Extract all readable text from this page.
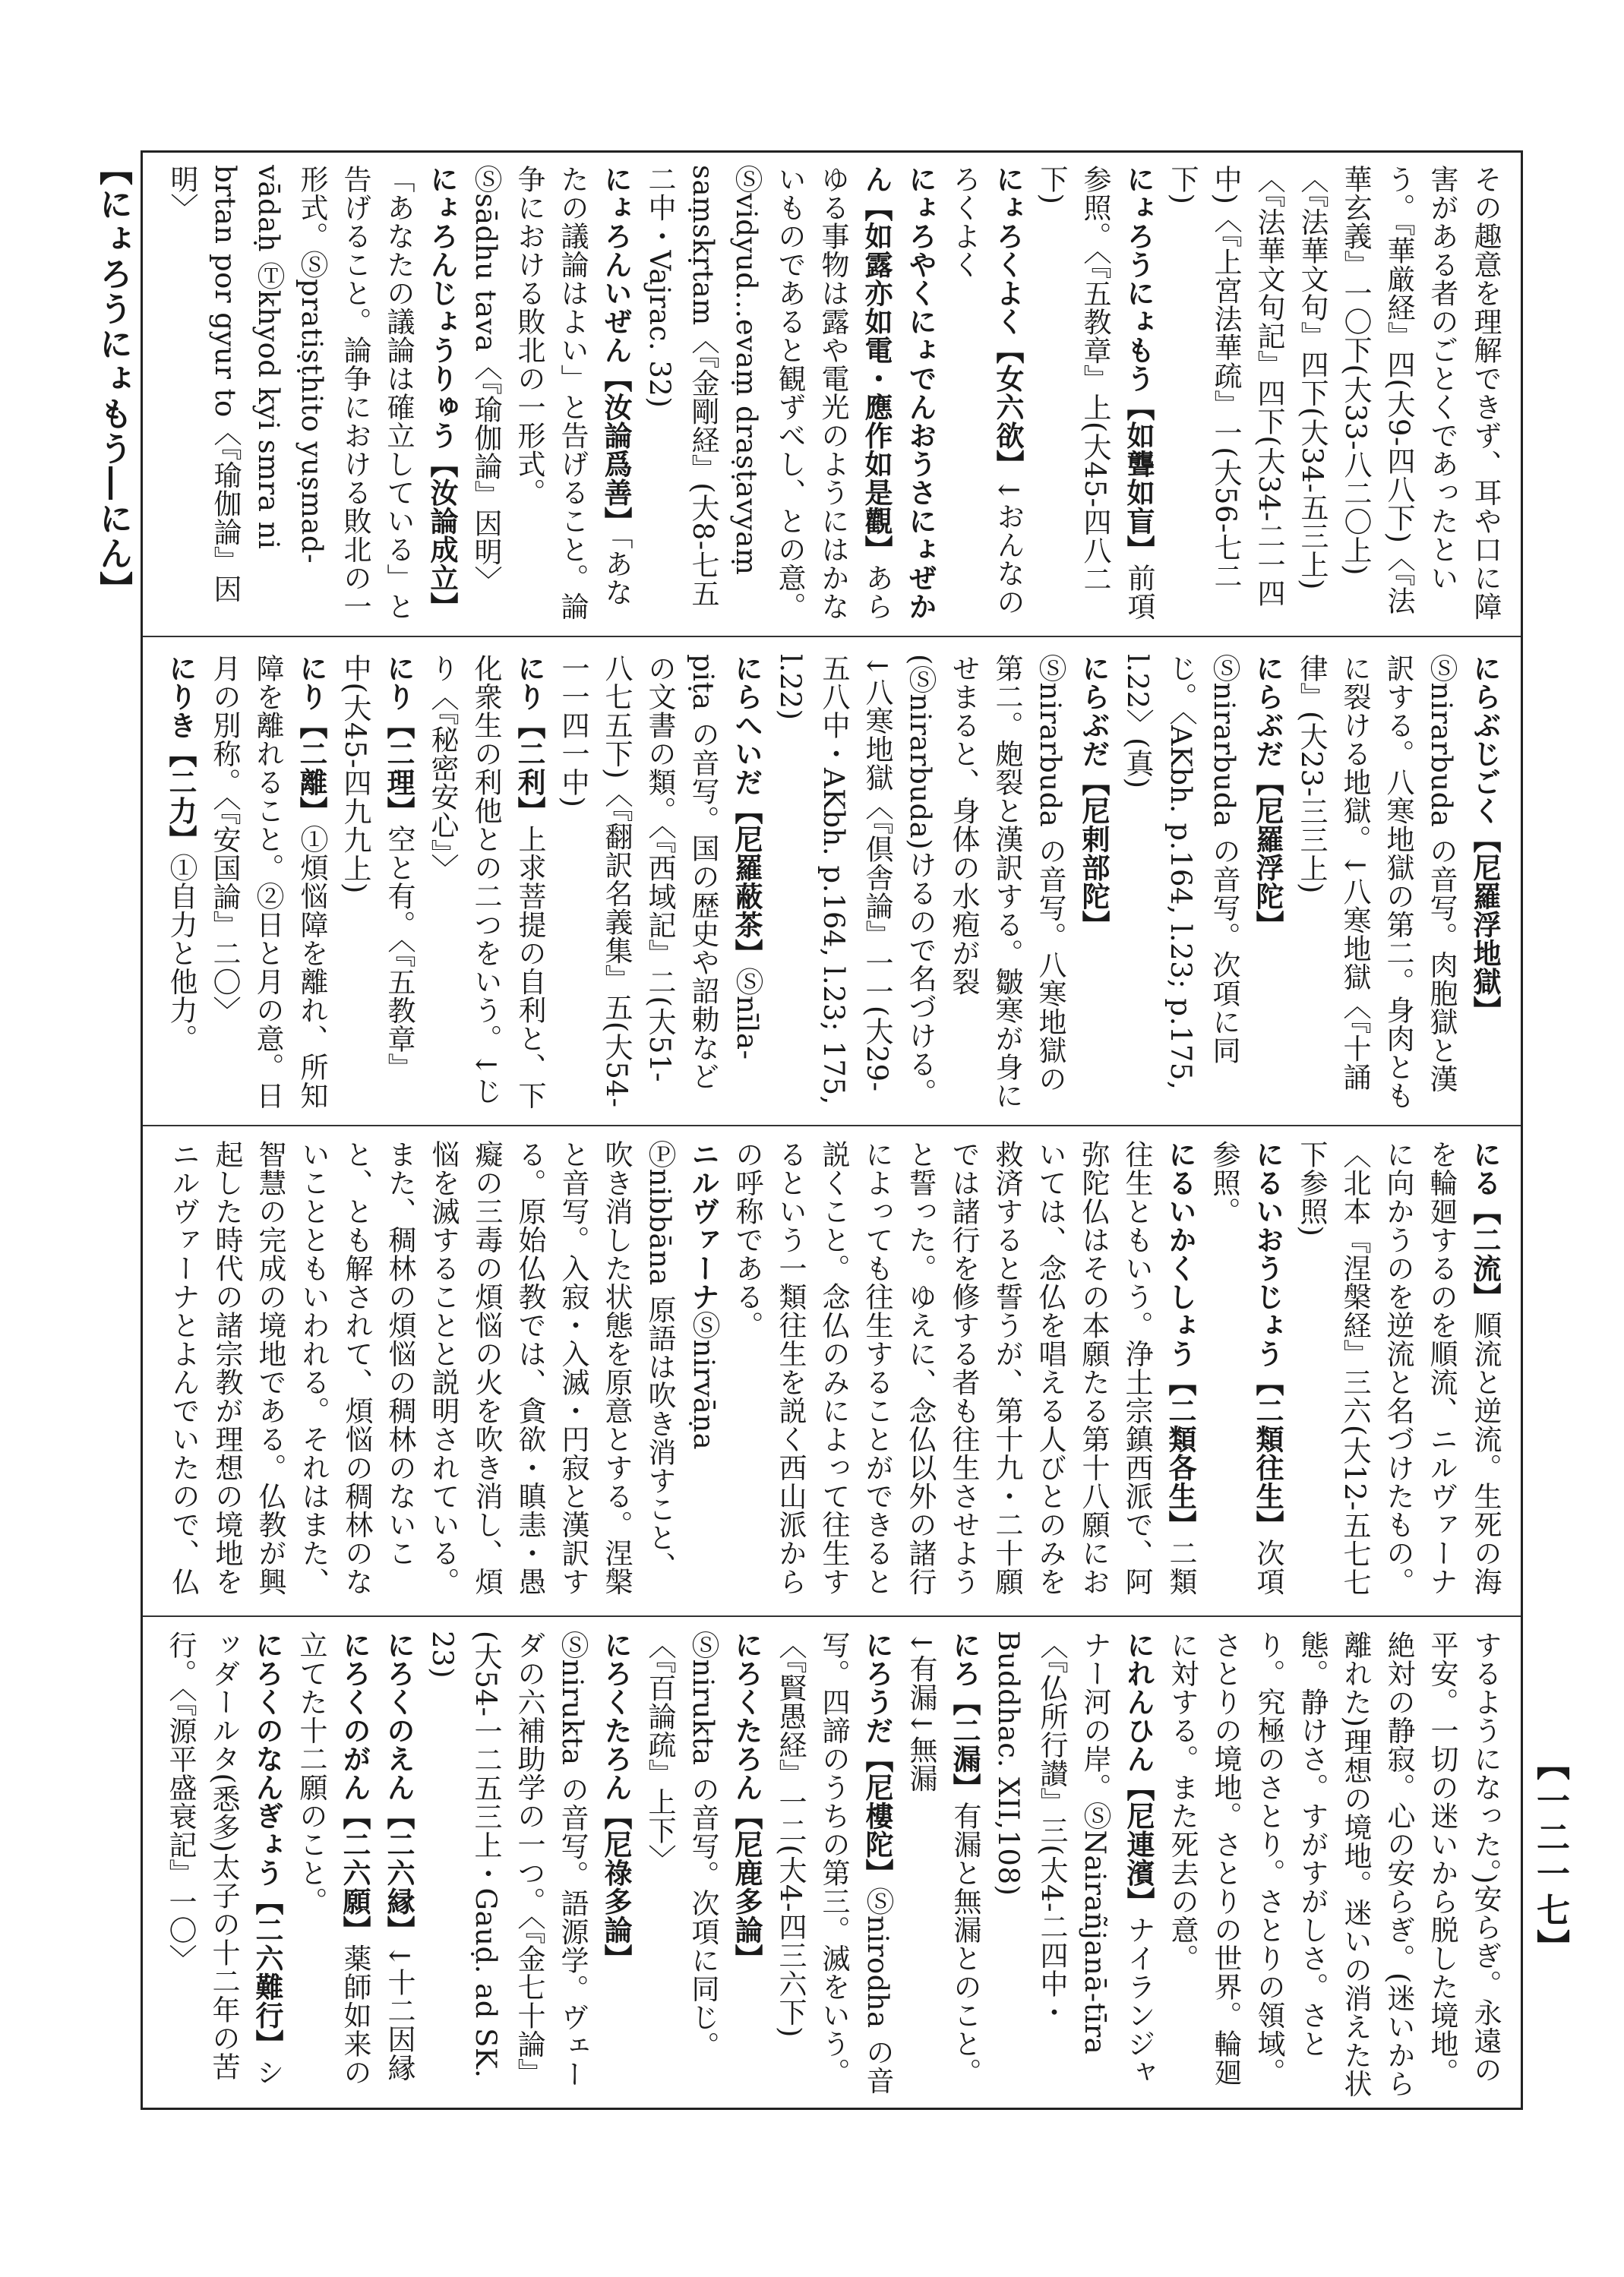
【にょろうにょもう―にん】
【一二一七】

その趣意を理解できず、耳や口に障害がある者のごとくであったという。『華厳経』四(大9-四八下)〈『法華玄義』一〇下(大33-八二〇上)〈『法華文句』四下(大34-五三上)〈『法華文句記』四下(大34-二一四中)〈『上宮法華疏』一(大56-七二下)

にょろうにょもう【如聾如盲】前項参照。〈『五教章』上(大45-四八二下)

にょろくよく【女六欲】↓おんなのろくよく

にょろやくにょでんおうさにょぜかん【如露亦如電・應作如是觀】あらゆる事物は露や電光のようにはかないものであると観ずべし、との意。Ⓢvidyud…evaṃ draṣṭavyaṃ saṃskṛtam〈『金剛経』(大8-七五二中・Vajrac. 32)

にょろんいぜん【汝論爲善】「あなたの議論はよい」と告げること。論争における敗北の一形式。Ⓢsādhu tava〈『瑜伽論』因明〉

にょろんじょうりゅう【汝論成立】「あなたの議論は確立している」と告げること。論争における敗北の一形式。Ⓢpratiṣṭhito yuṣmad-vādaḥ Ⓣkhyod kyi smra ni brtan por gyur to〈『瑜伽論』因明〉

にらぶじごく【尼羅浮地獄】Ⓢnirarbuda の音写。肉胞獄と漢訳する。八寒地獄の第二。身肉ともに裂ける地獄。↓八寒地獄〈『十誦律』(大23-三三上)

にらぶだ【尼羅浮陀】Ⓢnirarbuda の音写。次項に同じ。〈AKbh. p.164, l.23; p.175, l.22〉(真)

にらぶだ【尼剌部陀】Ⓢnirarbuda の音写。八寒地獄の第二。皰裂と漢訳する。皺寒が身にせまると、身体の水疱が裂(Ⓢnirarbuda)けるので名づける。↓八寒地獄〈『倶舎論』一一(大29-五八中・AKbh. p.164, l.23; 175, l.22)

にらへいだ【尼羅蔽茶】Ⓢnīla-piṭa の音写。国の歴史や詔勅などの文書の類。〈『西域記』二(大51-八七五下)〈『翻訳名義集』五(大54-一一四一中)

にり【二利】上求菩提の自利と、下化衆生の利他との二つをいう。↓じり〈『秘密安心』〉

にり【二理】空と有。〈『五教章』中(大45-四九九上)

にり【二離】①煩悩障を離れ、所知障を離れること。②日と月の意。日月の別称。〈『安国論』二〇〉

にりき【二力】①自力と他力。

にる【二流】順流と逆流。生死の海を輪廻するのを順流、ニルヴァーナに向かうのを逆流と名づけたもの。〈北本『涅槃経』三六(大12-五七七下参照)

にるいおうじょう【二類往生】次項参照。

にるいかくしょう【二類各生】二類往生ともいう。浄土宗鎮西派で、阿弥陀仏はその本願たる第十八願においては、念仏を唱える人びとのみを救済すると誓うが、第十九・二十願では諸行を修する者も往生させようと誓った。ゆえに、念仏以外の諸行によっても往生することができると説くこと。念仏のみによって往生するという一類往生を説く西山派からの呼称である。

ニルヴァーナⓈnirvāṇa Ⓟnibbāna 原語は吹き消すこと、吹き消した状態を原意とする。涅槃と音写。入寂・入滅・円寂と漢訳する。原始仏教では、貪欲・瞋恚・愚癡の三毒の煩悩の火を吹き消し、煩悩を滅することと説明されている。また、稠林の煩悩の稠林のないこと、とも解されて、煩悩の稠林のないことともいわれる。それはまた、智慧の完成の境地である。仏教が興起した時代の諸宗教が理想の境地をニルヴァーナとよんでいたので、仏

するようになった。)安らぎ。永遠の平安。一切の迷いから脱した境地。絶対の静寂。心の安らぎ。(迷いから離れた)理想の境地。迷いの消えた状態。静けさ。すがすがしさ。さとり。究極のさとり。さとりの領域。さとりの境地。さとりの世界。輪廻に対する。また死去の意。

にれんひん【尼連濱】ナイランジャナー河の岸。ⓈNairañjanā-tīra〈『仏所行讃』三(大4-二四中・Buddhac. XII,108)

にろ【二漏】有漏と無漏とのこと。↓有漏↓無漏

にろうだ【尼樓陀】Ⓢnirodha の音写。四諦のうちの第三。滅をいう。〈『賢愚経』一二(大4-四三六下)

にろくたろん【尼鹿多論】Ⓢnirukta の音写。次項に同じ。〈『百論疏』上下〉

にろくたろん【尼祿多論】Ⓢnirukta の音写。語源学。ヴェーダの六補助学の一つ。〈『金七十論』(大54-一二五三上・Gauḍ. ad SK. 23)

にろくのえん【二六縁】↓十二因縁

にろくのがん【二六願】薬師如来の立てた十二願のこと。

にろくのなんぎょう【二六難行】シッダールタ(悉多)太子の十二年の苦行。〈『源平盛衰記』一〇〉
